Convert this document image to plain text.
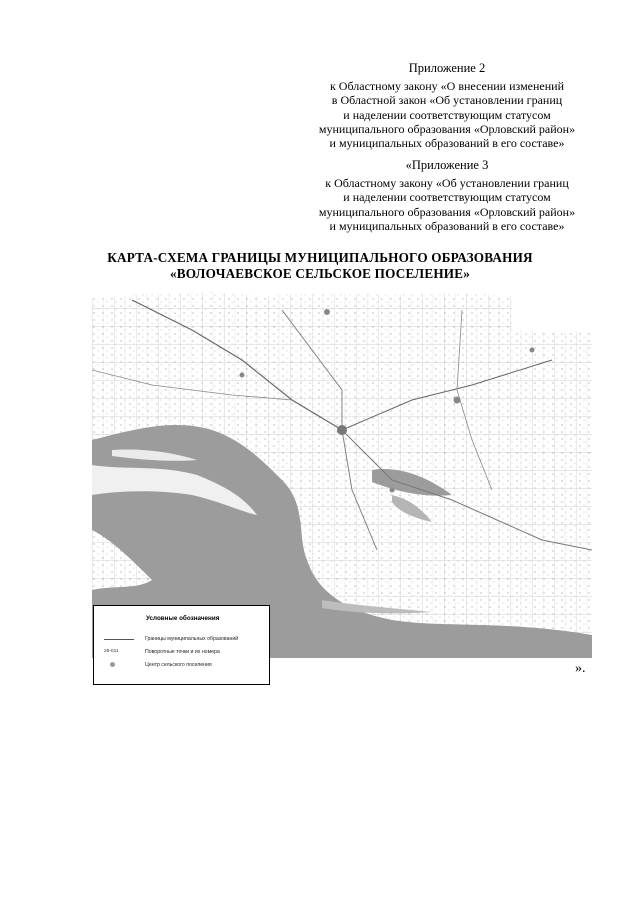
Приложение 2
к Областному закону «О внесении изменений
в Областной закон «Об установлении границ
и наделении соответствующим статусом
муниципального образования «Орловский район»
и муниципальных образований в его составе»
«Приложение 3
к Областному закону «Об установлении границ
и наделении соответствующим статусом
муниципального образования «Орловский район»
и муниципальных образований в его составе»
КАРТА-СХЕМА ГРАНИЦЫ МУНИЦИПАЛЬНОГО ОБРАЗОВАНИЯ
«ВОЛОЧАЕВСКОЕ СЕЛЬСКОЕ ПОСЕЛЕНИЕ»
Условные обозначения
Границы муниципальных образований
25-011	Поворотные точки и их номера
Центр сельского поселения	».
